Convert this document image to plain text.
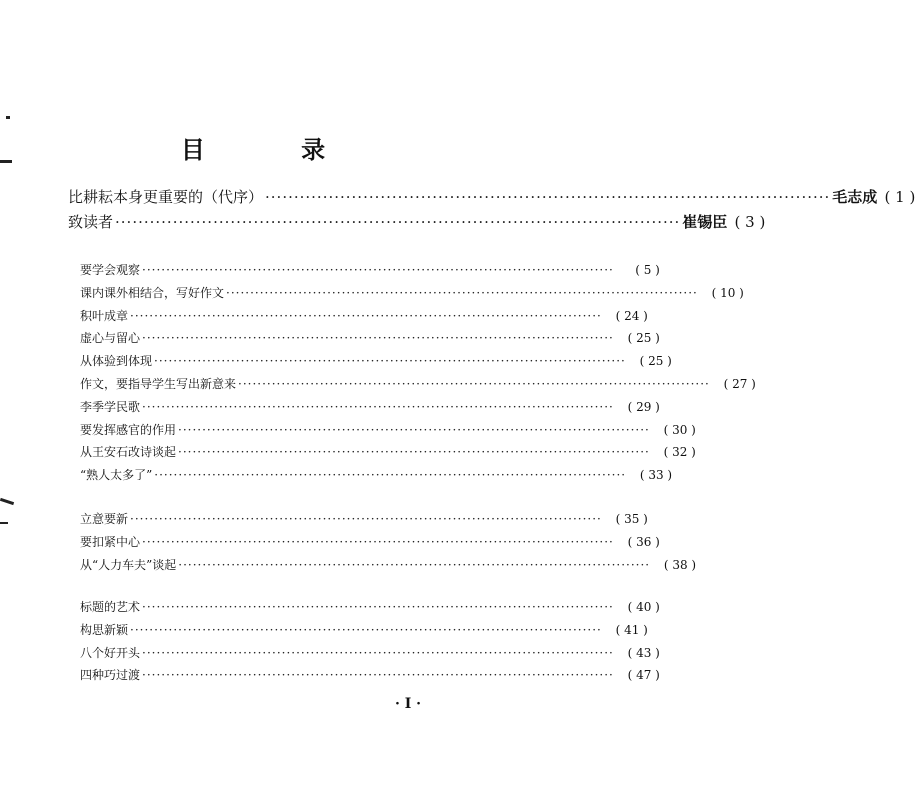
目 录
比耕耘本身更重要的（代序） ·································································································· 毛志成 ( 1 )
致读者 ·································································································· 崔锡臣 ( 3 )
要学会观察 ··································································································	( 5 )
课内课外相结合，写好作文 ··································································································	( 10 )
积叶成章 ··································································································	( 24 )
虚心与留心 ··································································································	( 25 )
从体验到体现 ··································································································	( 25 )
作文，要指导学生写出新意来 ··································································································	( 27 )
李季学民歌 ··································································································	( 29 )
要发挥感官的作用 ··································································································	( 30 )
从王安石改诗谈起 ··································································································	( 32 )
“熟人太多了” ··································································································	( 33 )
立意要新 ··································································································	( 35 )
要扣紧中心 ··································································································	( 36 )
从“人力车夫”谈起 ··································································································	( 38 )
标题的艺术 ··································································································	( 40 )
构思新颖 ··································································································	( 41 )
八个好开头 ··································································································	( 43 )
四种巧过渡 ··································································································	( 47 )
· I ·
